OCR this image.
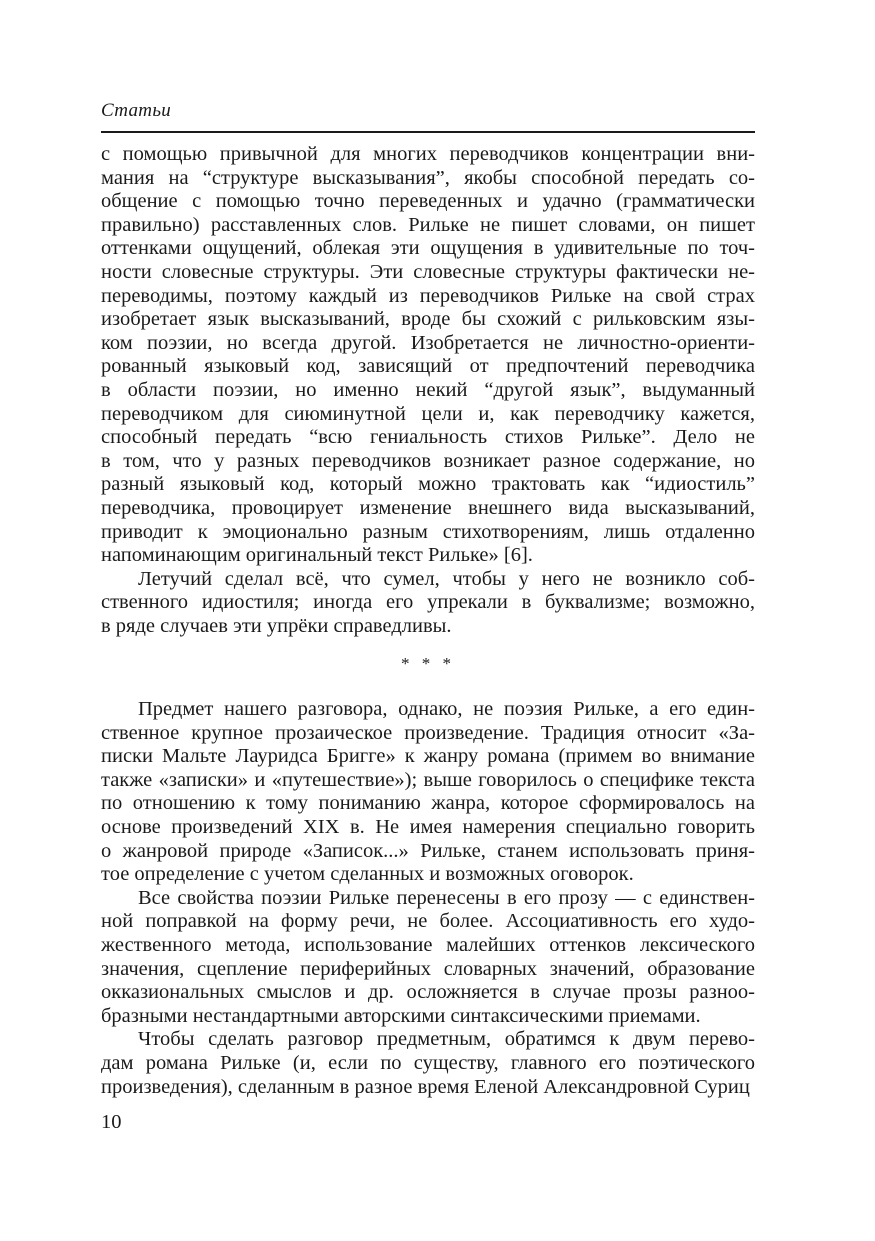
Статьи
с помощью привычной для многих переводчиков концентрации вни-
мания на “структуре высказывания”, якобы способной передать со-
общение с помощью точно переведенных и удачно (грамматически
правильно) расставленных слов. Рильке не пишет словами, он пишет
оттенками ощущений, облекая эти ощущения в удивительные по точ-
ности словесные структуры. Эти словесные структуры фактически не-
переводимы, поэтому каждый из переводчиков Рильке на свой страх
изобретает язык высказываний, вроде бы схожий с рильковским язы-
ком поэзии, но всегда другой. Изобретается не личностно-ориенти-
рованный языковый код, зависящий от предпочтений переводчика
в области поэзии, но именно некий “другой язык”, выдуманный
переводчиком для сиюминутной цели и, как переводчику кажется,
способный передать “всю гениальность стихов Рильке”. Дело не
в том, что у разных переводчиков возникает разное содержание, но
разный языковый код, который можно трактовать как “идиостиль”
переводчика, провоцирует изменение внешнего вида высказываний,
приводит к эмоционально разным стихотворениям, лишь отдаленно
напоминающим оригинальный текст Рильке» [6].
Летучий сделал всё, что сумел, чтобы у него не возникло соб-
ственного идиостиля; иногда его упрекали в буквализме; возможно,
в ряде случаев эти упрёки справедливы.
* * *
Предмет нашего разговора, однако, не поэзия Рильке, а его един-
ственное крупное прозаическое произведение. Традиция относит «За-
писки Мальте Лауридса Бригге» к жанру романа (примем во внимание
также «записки» и «путешествие»); выше говорилось о специфике текста
по отношению к тому пониманию жанра, которое сформировалось на
основе произведений XIX в. Не имея намерения специально говорить
о жанровой природе «Записок...» Рильке, станем использовать приня-
тое определение с учетом сделанных и возможных оговорок.
Все свойства поэзии Рильке перенесены в его прозу — с единствен-
ной поправкой на форму речи, не более. Ассоциативность его худо-
жественного метода, использование малейших оттенков лексического
значения, сцепление периферийных словарных значений, образование
окказиональных смыслов и др. осложняется в случае прозы разноо-
бразными нестандартными авторскими синтаксическими приемами.
Чтобы сделать разговор предметным, обратимся к двум перево-
дам романа Рильке (и, если по существу, главного его поэтического
произведения), сделанным в разное время Еленой Александровной Суриц
10
